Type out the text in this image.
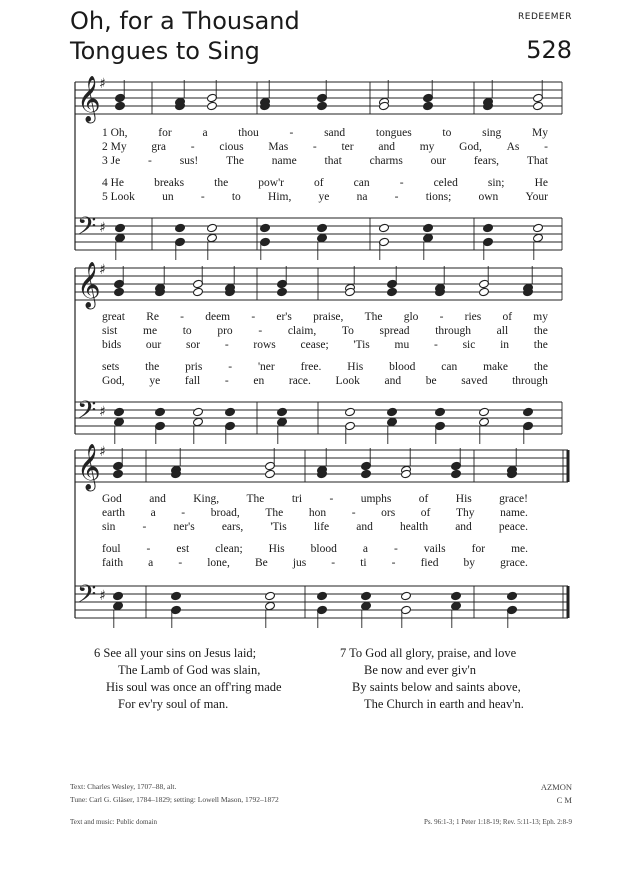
Oh, for a Thousand
Tongues to Sing
REDEEMER
528
𝄞
♯
𝄢 ♯
𝄞
♯
𝄢 ♯
𝄞
♯
𝄢 ♯
1 Oh,	for	a	thou	-	sand	tongues	to	sing	My
2 My gra - cious Mas - ter and my God, As -
3 Je - sus! The name that charms our fears, That
4 He	breaks	the	pow'r	of	can	-	celed	sin;	He
5 Look un - to Him, ye na - tions; own Your
great Re - deem - er's praise, The glo - ries of my
sist me to pro - claim, To spread through all the
bids our sor - rows cease; 'Tis mu - sic in the
sets the pris - 'ner free. His blood can make the
God, ye fall - en race. Look and be saved through
God and King, The tri - umphs of His grace!
earth a - broad, The hon - ors of Thy name.
sin - ner's ears, 'Tis life and health and peace.
foul - est clean; His blood a - vails for me.
faith a - lone, Be jus - ti - fied by grace.
6 See all your sins on Jesus laid;
The Lamb of God was slain,
His soul was once an off'ring made
For ev'ry soul of man.
7 To God all glory, praise, and love
Be now and ever giv'n
By saints below and saints above,
The Church in earth and heav'n.
Text: Charles Wesley, 1707–88, alt.
Tune: Carl G. Gläser, 1784–1829; setting: Lowell Mason, 1792–1872
Text and music: Public domain
AZMON
C M
Ps. 96:1-3; 1 Peter 1:18-19; Rev. 5:11-13; Eph. 2:8-9
